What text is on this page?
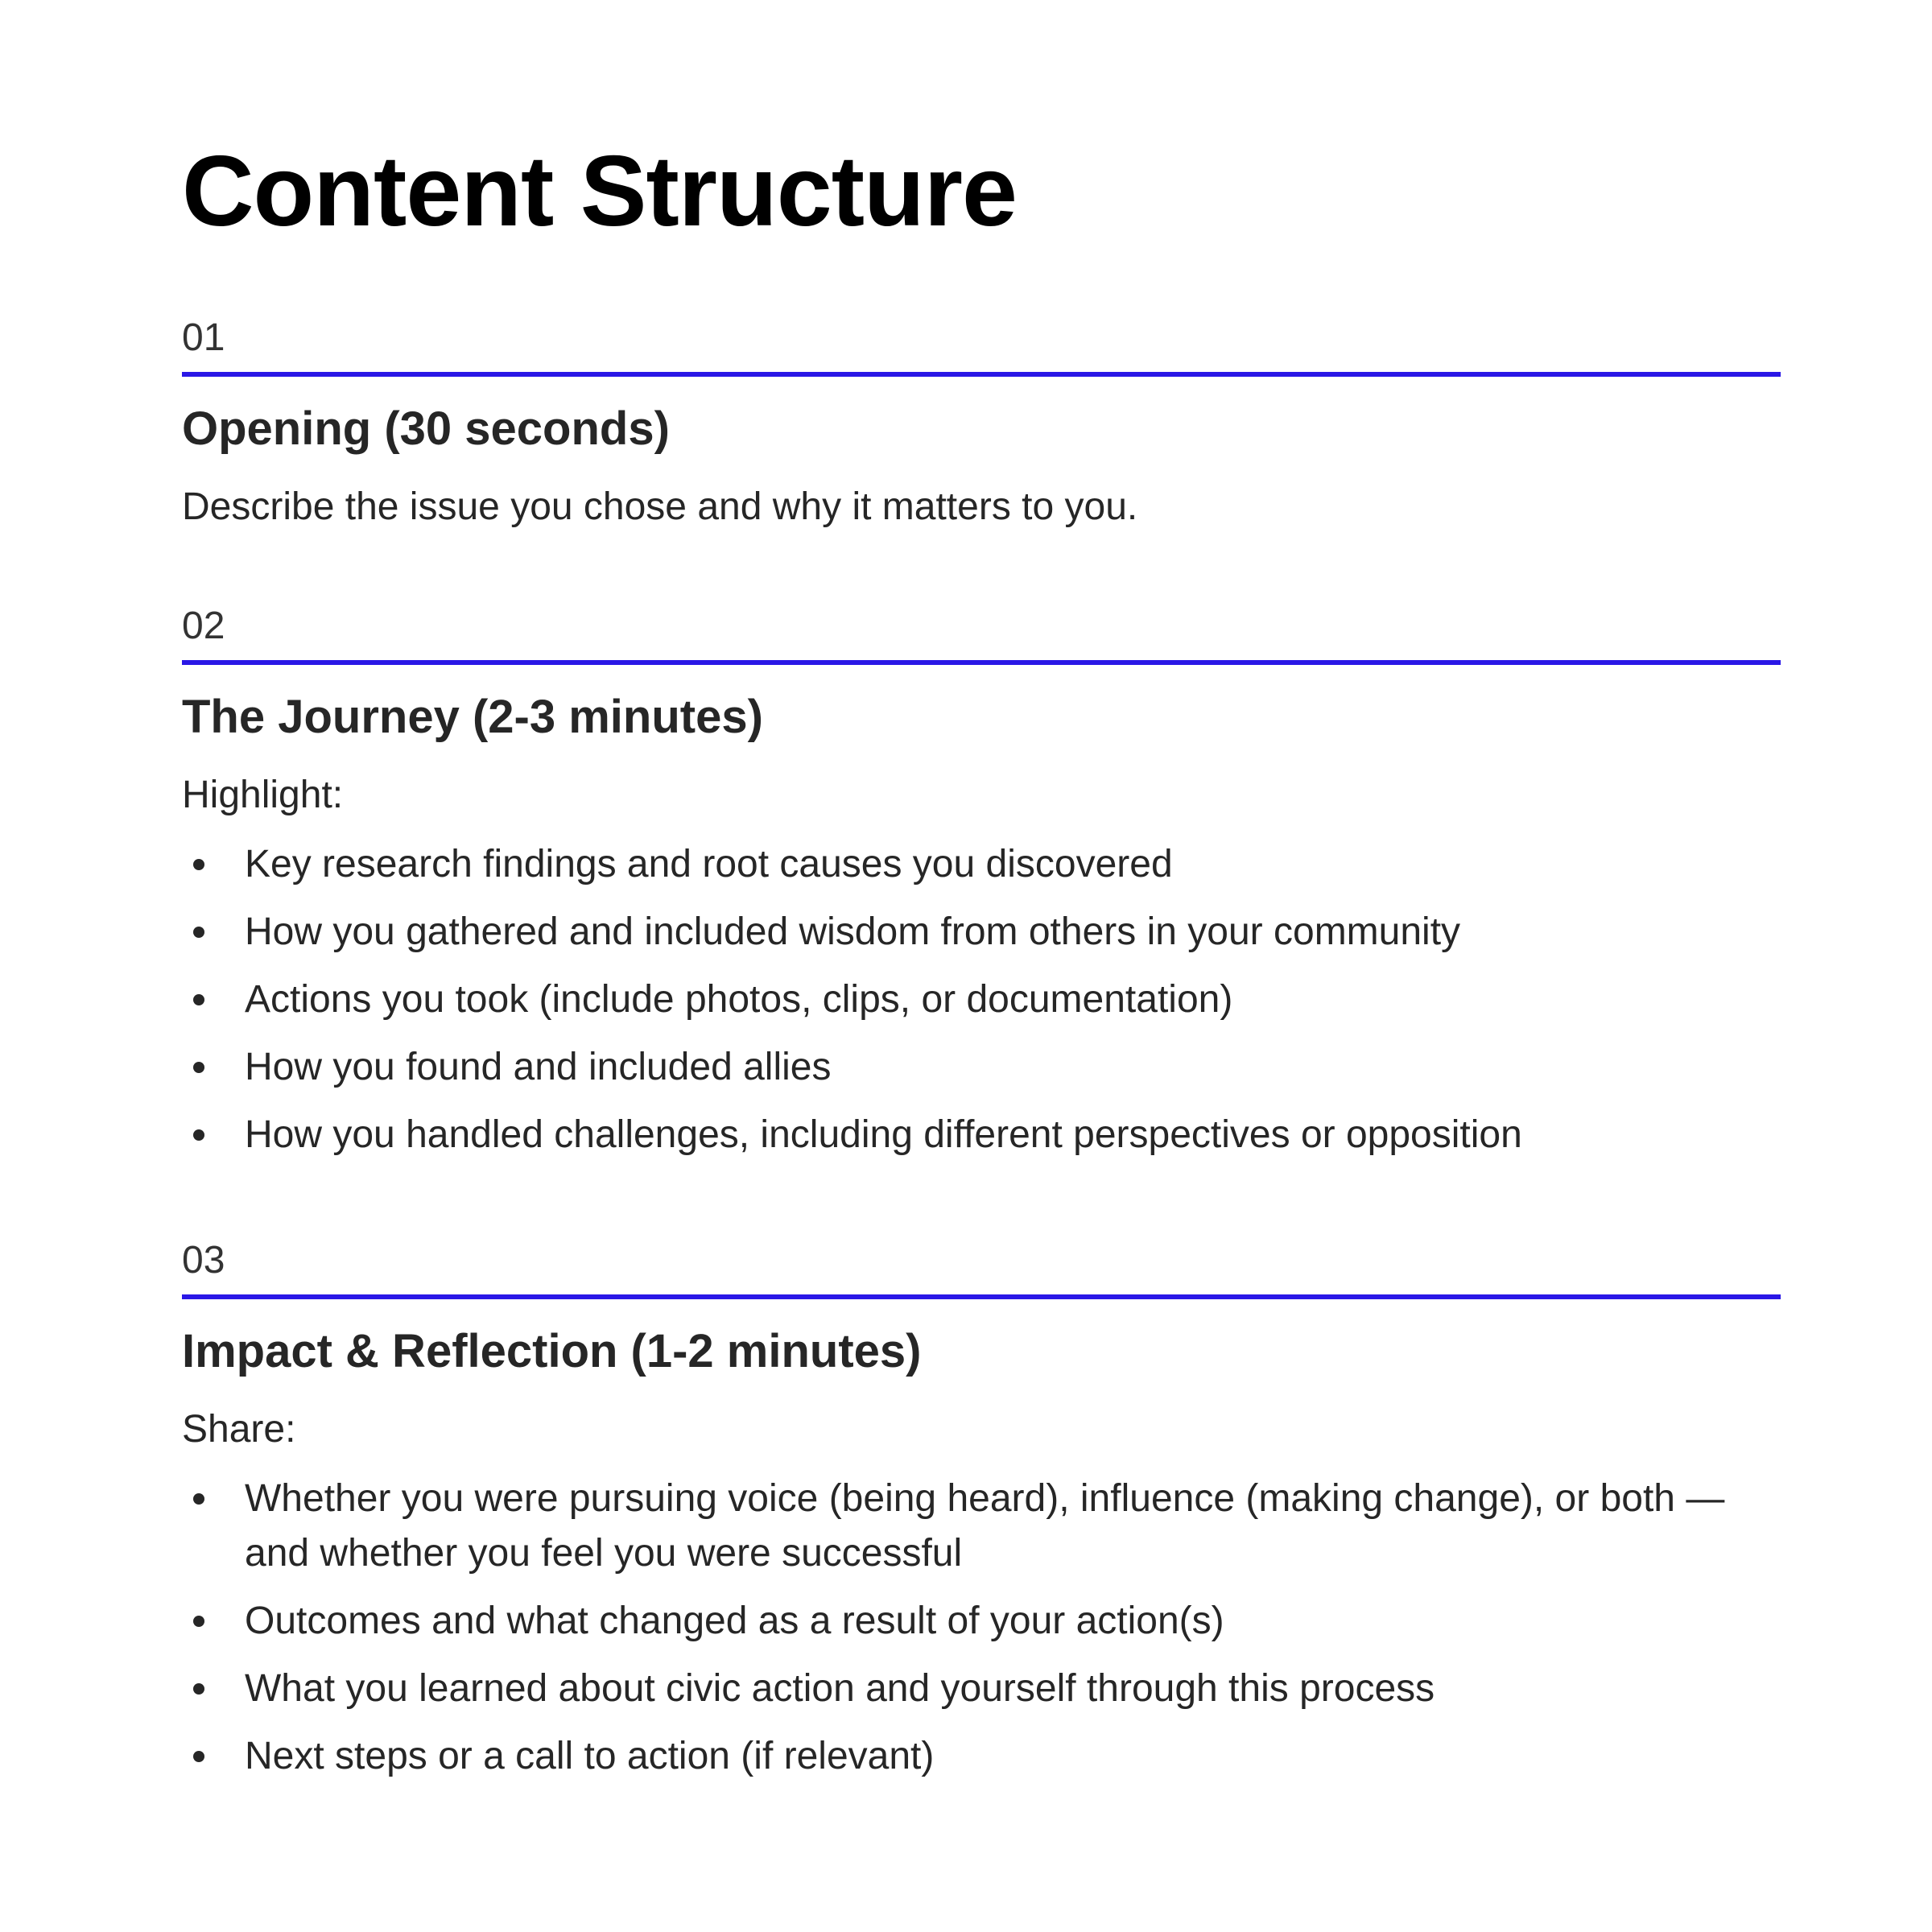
Content Structure
01
Opening (30 seconds)

Describe the issue you chose and why it matters to you.

02
The Journey (2-3 minutes)

Highlight:

Key research findings and root causes you discovered
How you gathered and included wisdom from others in your community
Actions you took (include photos, clips, or documentation)
How you found and included allies
How you handled challenges, including different perspectives or opposition
03
Impact & Reflection (1-2 minutes)

Share:

Whether you were pursuing voice (being heard), influence (making change), or both — and whether you feel you were successful
Outcomes and what changed as a result of your action(s)
What you learned about civic action and yourself through this process
Next steps or a call to action (if relevant)
